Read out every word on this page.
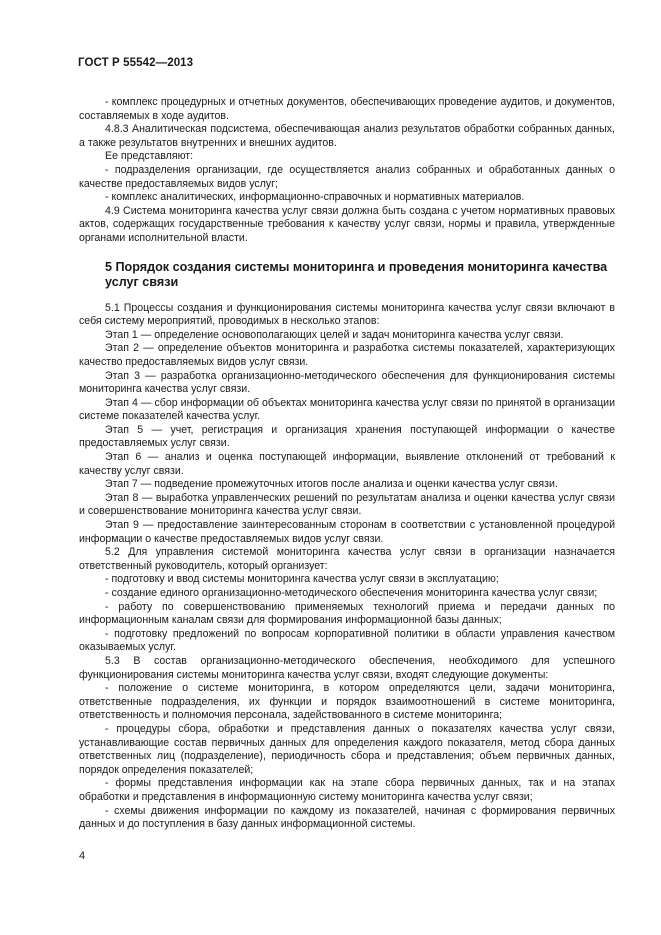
ГОСТ Р 55542—2013

- комплекс процедурных и отчетных документов, обеспечивающих проведение аудитов, и документов, составляемых в ходе аудитов.

4.8.3 Аналитическая подсистема, обеспечивающая анализ результатов обработки собранных данных, а также результатов внутренних и внешних аудитов.

Ее представляют:

- подразделения организации, где осуществляется анализ собранных и обработанных данных о качестве предоставляемых видов услуг;

- комплекс аналитических, информационно-справочных и нормативных материалов.

4.9 Система мониторинга качества услуг связи должна быть создана с учетом нормативных правовых актов, содержащих государственные требования к качеству услуг связи, нормы и правила, утвержденные органами исполнительной власти.

5 Порядок создания системы мониторинга и проведения мониторинга качества услуг связи

5.1 Процессы создания и функционирования системы мониторинга качества услуг связи включают в себя систему мероприятий, проводимых в несколько этапов:

Этап 1 — определение основополагающих целей и задач мониторинга качества услуг связи.

Этап 2 — определение объектов мониторинга и разработка системы показателей, характеризующих качество предоставляемых видов услуг связи.

Этап 3 — разработка организационно-методического обеспечения для функционирования системы мониторинга качества услуг связи.

Этап 4 — сбор информации об объектах мониторинга качества услуг связи по принятой в организации системе показателей качества услуг.

Этап 5 — учет, регистрация и организация хранения поступающей информации о качестве предоставляемых услуг связи.

Этап 6 — анализ и оценка поступающей информации, выявление отклонений от требований к качеству услуг связи.

Этап 7 — подведение промежуточных итогов после анализа и оценки качества услуг связи.

Этап 8 — выработка управленческих решений по результатам анализа и оценки качества услуг связи и совершенствование мониторинга качества услуг связи.

Этап 9 — предоставление заинтересованным сторонам в соответствии с установленной процедурой информации о качестве предоставляемых видов услуг связи.

5.2 Для управления системой мониторинга качества услуг связи в организации назначается ответственный руководитель, который организует:

- подготовку и ввод системы мониторинга качества услуг связи в эксплуатацию;

- создание единого организационно-методического обеспечения мониторинга качества услуг связи;

- работу по совершенствованию применяемых технологий приема и передачи данных по информационным каналам связи для формирования информационной базы данных;

- подготовку предложений по вопросам корпоративной политики в области управления качеством оказываемых услуг.

5.3 В состав организационно-методического обеспечения, необходимого для успешного функционирования системы мониторинга качества услуг связи, входят следующие документы:

- положение о системе мониторинга, в котором определяются цели, задачи мониторинга, ответственные подразделения, их функции и порядок взаимоотношений в системе мониторинга, ответственность и полномочия персонала, задействованного в системе мониторинга;

- процедуры сбора, обработки и представления данных о показателях качества услуг связи, устанавливающие состав первичных данных для определения каждого показателя, метод сбора данных ответственных лиц (подразделение), периодичность сбора и представления; объем первичных данных, порядок определения показателей;

- формы представления информации как на этапе сбора первичных данных, так и на этапах обработки и представления в информационную систему мониторинга качества услуг связи;

- схемы движения информации по каждому из показателей, начиная с формирования первичных данных и до поступления в базу данных информационной системы.

4
